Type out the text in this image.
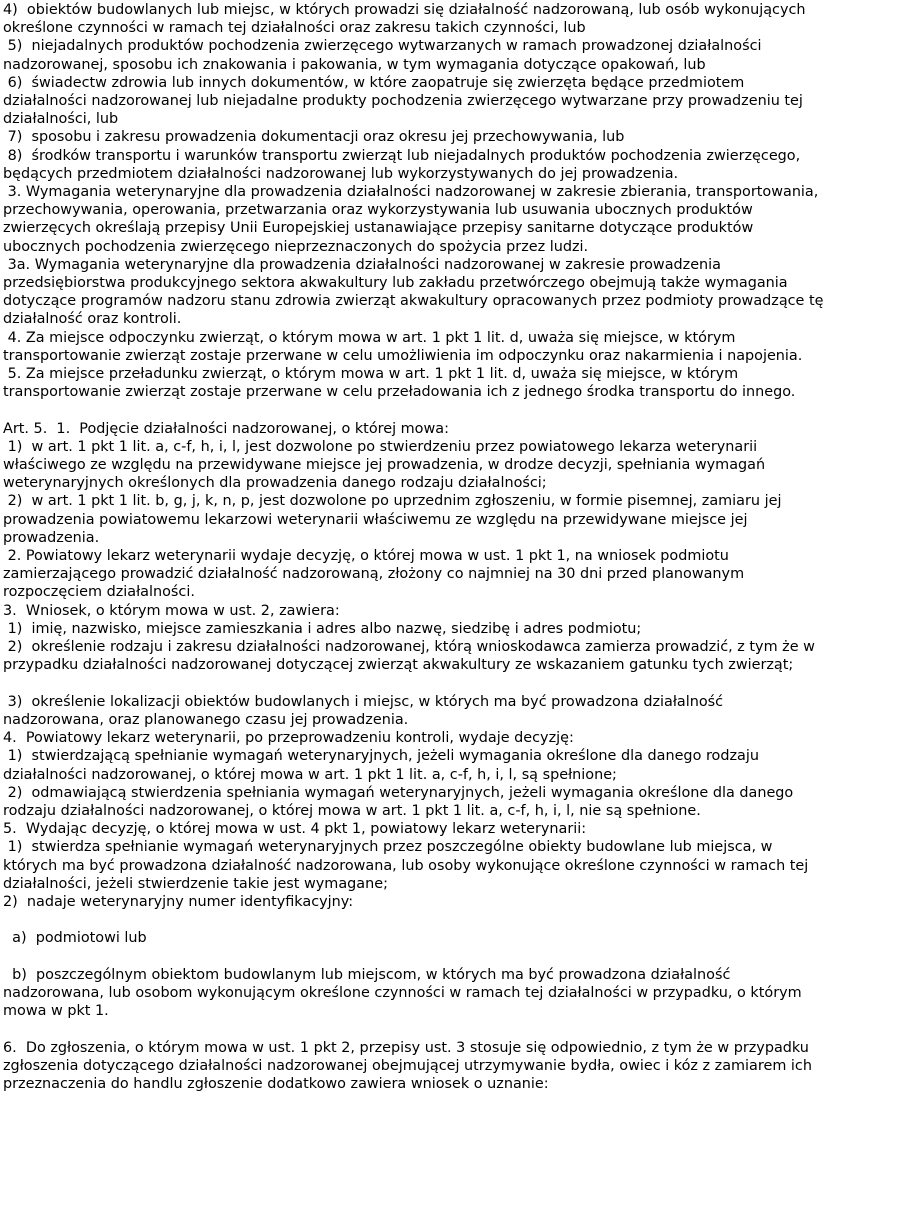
4)  obiektów budowlanych lub miejsc, w których prowadzi się działalność nadzorowaną, lub osób wykonujących
określone czynności w ramach tej działalności oraz zakresu takich czynności, lub
5)  niejadalnych produktów pochodzenia zwierzęcego wytwarzanych w ramach prowadzonej działalności
nadzorowanej, sposobu ich znakowania i pakowania, w tym wymagania dotyczące opakowań, lub
6)  świadectw zdrowia lub innych dokumentów, w które zaopatruje się zwierzęta będące przedmiotem
działalności nadzorowanej lub niejadalne produkty pochodzenia zwierzęcego wytwarzane przy prowadzeniu tej
działalności, lub
7)  sposobu i zakresu prowadzenia dokumentacji oraz okresu jej przechowywania, lub
8)  środków transportu i warunków transportu zwierząt lub niejadalnych produktów pochodzenia zwierzęcego,
będących przedmiotem działalności nadzorowanej lub wykorzystywanych do jej prowadzenia.
3. Wymagania weterynaryjne dla prowadzenia działalności nadzorowanej w zakresie zbierania, transportowania,
przechowywania, operowania, przetwarzania oraz wykorzystywania lub usuwania ubocznych produktów
zwierzęcych określają przepisy Unii Europejskiej ustanawiające przepisy sanitarne dotyczące produktów
ubocznych pochodzenia zwierzęcego nieprzeznaczonych do spożycia przez ludzi.
3a. Wymagania weterynaryjne dla prowadzenia działalności nadzorowanej w zakresie prowadzenia
przedsiębiorstwa produkcyjnego sektora akwakultury lub zakładu przetwórczego obejmują także wymagania
dotyczące programów nadzoru stanu zdrowia zwierząt akwakultury opracowanych przez podmioty prowadzące tę
działalność oraz kontroli.
4. Za miejsce odpoczynku zwierząt, o którym mowa w art. 1 pkt 1 lit. d, uważa się miejsce, w którym
transportowanie zwierząt zostaje przerwane w celu umożliwienia im odpoczynku oraz nakarmienia i napojenia.
5. Za miejsce przeładunku zwierząt, o którym mowa w art. 1 pkt 1 lit. d, uważa się miejsce, w którym
transportowanie zwierząt zostaje przerwane w celu przeładowania ich z jednego środka transportu do innego.
Art. 5.  1.  Podjęcie działalności nadzorowanej, o której mowa:
1)  w art. 1 pkt 1 lit. a, c-f, h, i, l, jest dozwolone po stwierdzeniu przez powiatowego lekarza weterynarii
właściwego ze względu na przewidywane miejsce jej prowadzenia, w drodze decyzji, spełniania wymagań
weterynaryjnych określonych dla prowadzenia danego rodzaju działalności;
2)  w art. 1 pkt 1 lit. b, g, j, k, n, p, jest dozwolone po uprzednim zgłoszeniu, w formie pisemnej, zamiaru jej
prowadzenia powiatowemu lekarzowi weterynarii właściwemu ze względu na przewidywane miejsce jej
prowadzenia.
2. Powiatowy lekarz weterynarii wydaje decyzję, o której mowa w ust. 1 pkt 1, na wniosek podmiotu
zamierzającego prowadzić działalność nadzorowaną, złożony co najmniej na 30 dni przed planowanym
rozpoczęciem działalności.
3.  Wniosek, o którym mowa w ust. 2, zawiera:
1)  imię, nazwisko, miejsce zamieszkania i adres albo nazwę, siedzibę i adres podmiotu;
2)  określenie rodzaju i zakresu działalności nadzorowanej, którą wnioskodawca zamierza prowadzić, z tym że w
przypadku działalności nadzorowanej dotyczącej zwierząt akwakultury ze wskazaniem gatunku tych zwierząt;
3)  określenie lokalizacji obiektów budowlanych i miejsc, w których ma być prowadzona działalność
nadzorowana, oraz planowanego czasu jej prowadzenia.
4.  Powiatowy lekarz weterynarii, po przeprowadzeniu kontroli, wydaje decyzję:
1)  stwierdzającą spełnianie wymagań weterynaryjnych, jeżeli wymagania określone dla danego rodzaju
działalności nadzorowanej, o której mowa w art. 1 pkt 1 lit. a, c-f, h, i, l, są spełnione;
2)  odmawiającą stwierdzenia spełniania wymagań weterynaryjnych, jeżeli wymagania określone dla danego
rodzaju działalności nadzorowanej, o której mowa w art. 1 pkt 1 lit. a, c-f, h, i, l, nie są spełnione.
5.  Wydając decyzję, o której mowa w ust. 4 pkt 1, powiatowy lekarz weterynarii:
1)  stwierdza spełnianie wymagań weterynaryjnych przez poszczególne obiekty budowlane lub miejsca, w
których ma być prowadzona działalność nadzorowana, lub osoby wykonujące określone czynności w ramach tej
działalności, jeżeli stwierdzenie takie jest wymagane;
2)  nadaje weterynaryjny numer identyfikacyjny:
a)  podmiotowi lub
b)  poszczególnym obiektom budowlanym lub miejscom, w których ma być prowadzona działalność
nadzorowana, lub osobom wykonującym określone czynności w ramach tej działalności w przypadku, o którym
mowa w pkt 1.
6.  Do zgłoszenia, o którym mowa w ust. 1 pkt 2, przepisy ust. 3 stosuje się odpowiednio, z tym że w przypadku
zgłoszenia dotyczącego działalności nadzorowanej obejmującej utrzymywanie bydła, owiec i kóz z zamiarem ich
przeznaczenia do handlu zgłoszenie dodatkowo zawiera wniosek o uznanie:
